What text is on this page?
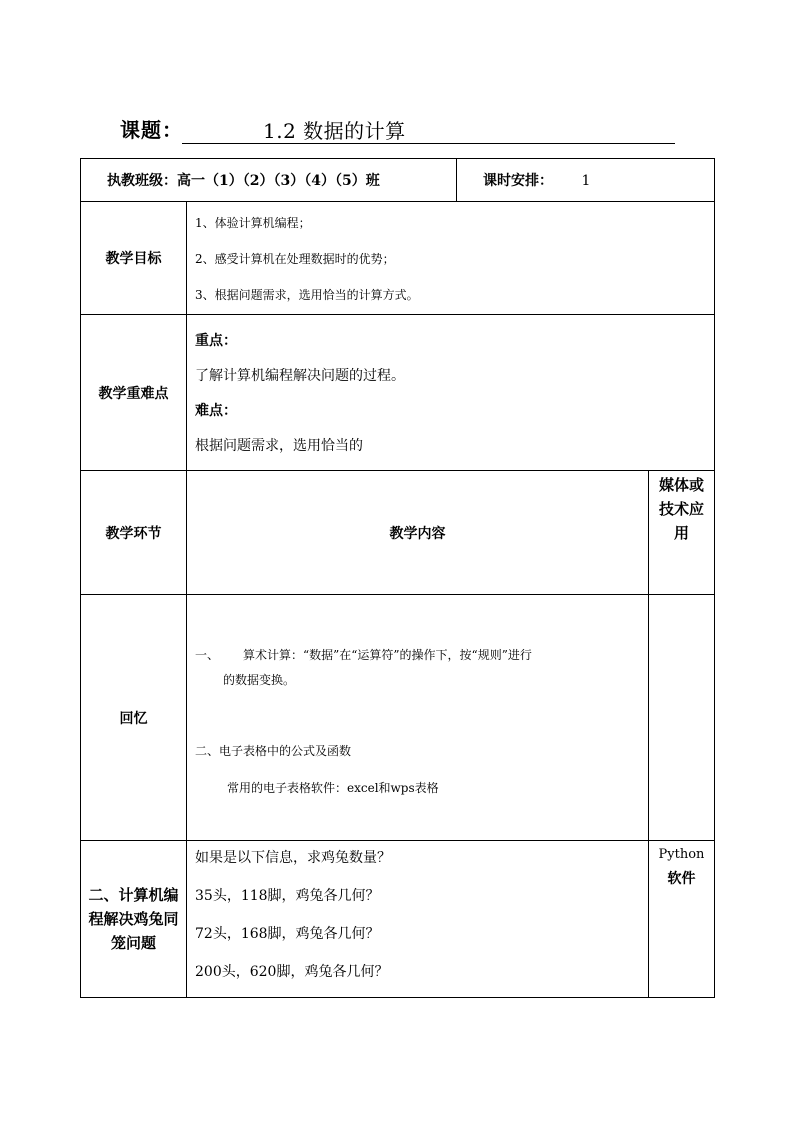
课题：	1.2 数据的计算
执教班级：高一（1）（2）（3）（4）（5）班		课时安排： 1	

教学目标	1、体验计算机编程；
2、感受计算机在处理数据时的优势；
3、根据问题需求，选用恰当的计算方式。		

教学重难点	重点：
了解计算机编程解决问题的过程。
难点：
根据问题需求，选用恰当的		

教学环节	教学内容		媒体或技术应用

回忆	一、 算术计算：“数据”在“运算符”的操作下，按“规则”进行
的数据变换。
二、电子表格中的公式及函数
常用的电子表格软件：excel和wps表格		

二、计算机编程解决鸡兔同笼问题	如果是以下信息，求鸡兔数量？
35头，118脚，鸡兔各几何？
72头，168脚，鸡兔各几何？
200头，620脚，鸡兔各几何？		Python
软件
